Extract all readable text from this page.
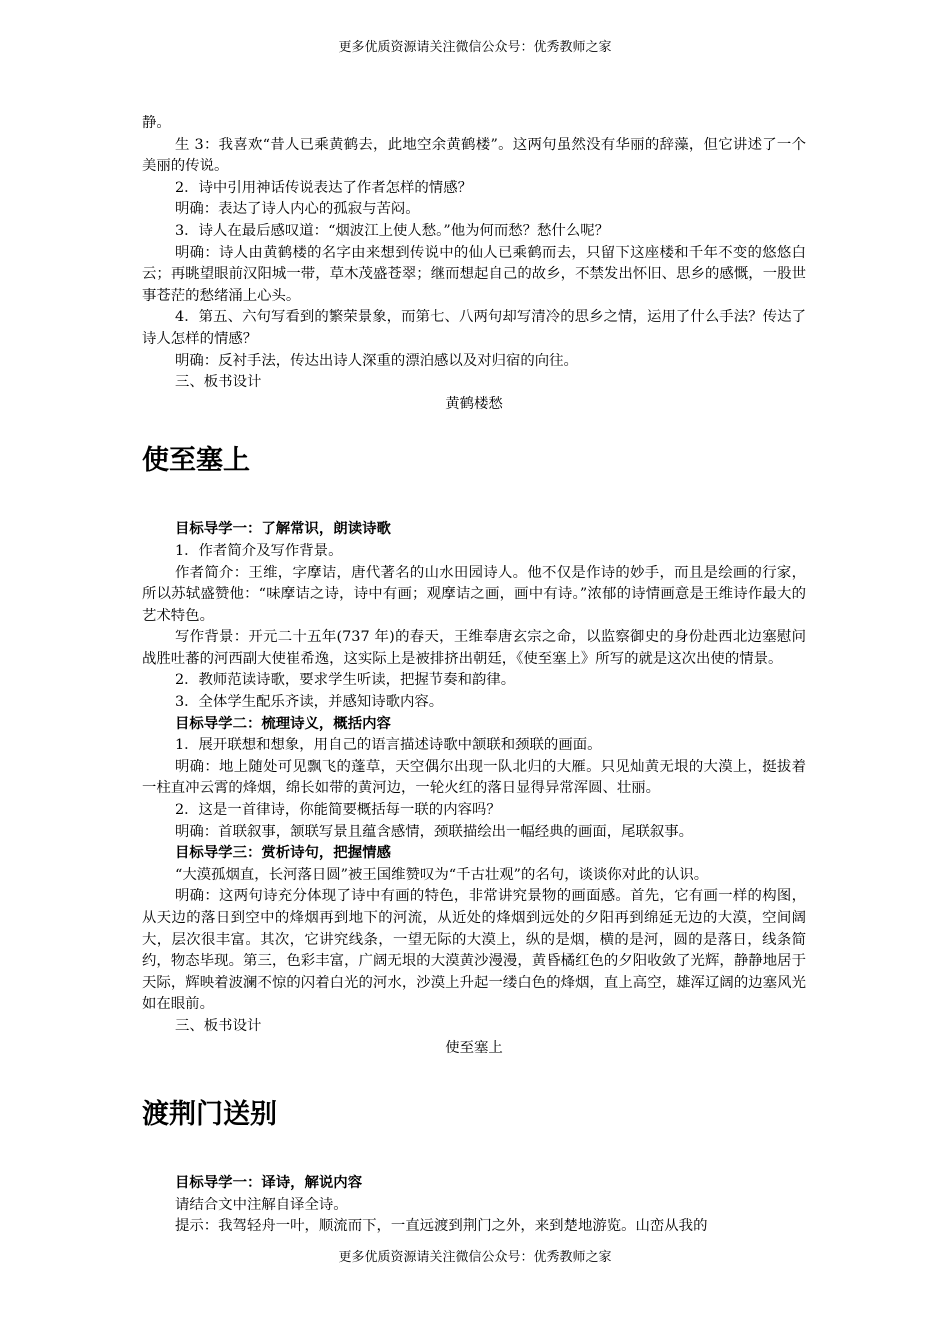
更多优质资源请关注微信公众号：优秀教师之家

静。

生 3：我喜欢“昔人已乘黄鹤去，此地空余黄鹤楼”。这两句虽然没有华丽的辞藻，但它讲述了一个美丽的传说。

2．诗中引用神话传说表达了作者怎样的情感？

明确：表达了诗人内心的孤寂与苦闷。

3．诗人在最后感叹道：“烟波江上使人愁。”他为何而愁？愁什么呢？

明确：诗人由黄鹤楼的名字由来想到传说中的仙人已乘鹤而去，只留下这座楼和千年不变的悠悠白云；再眺望眼前汉阳城一带，草木茂盛苍翠；继而想起自己的故乡，不禁发出怀旧、思乡的感慨，一股世事苍茫的愁绪涌上心头。

4．第五、六句写看到的繁荣景象，而第七、八两句却写清冷的思乡之情，运用了什么手法？传达了诗人怎样的情感？

明确：反衬手法，传达出诗人深重的漂泊感以及对归宿的向往。

三、板书设计

黄鹤楼愁

使至塞上

目标导学一：了解常识，朗读诗歌

1．作者简介及写作背景。

作者简介：王维，字摩诘，唐代著名的山水田园诗人。他不仅是作诗的妙手，而且是绘画的行家，所以苏轼盛赞他：“味摩诘之诗，诗中有画；观摩诘之画，画中有诗。”浓郁的诗情画意是王维诗作最大的艺术特色。

写作背景：开元二十五年(737 年)的春天，王维奉唐玄宗之命，以监察御史的身份赴西北边塞慰问战胜吐蕃的河西副大使崔希逸，这实际上是被排挤出朝廷，《使至塞上》所写的就是这次出使的情景。

2．教师范读诗歌，要求学生听读，把握节奏和韵律。

3．全体学生配乐齐读，并感知诗歌内容。

目标导学二：梳理诗义，概括内容

1．展开联想和想象，用自己的语言描述诗歌中颔联和颈联的画面。

明确：地上随处可见飘飞的蓬草，天空偶尔出现一队北归的大雁。只见灿黄无垠的大漠上，挺拔着一柱直冲云霄的烽烟，绵长如带的黄河边，一轮火红的落日显得异常浑圆、壮丽。

2．这是一首律诗，你能简要概括每一联的内容吗？

明确：首联叙事，颔联写景且蕴含感情，颈联描绘出一幅经典的画面，尾联叙事。

目标导学三：赏析诗句，把握情感

“大漠孤烟直，长河落日圆”被王国维赞叹为“千古壮观”的名句，谈谈你对此的认识。

明确：这两句诗充分体现了诗中有画的特色，非常讲究景物的画面感。首先，它有画一样的构图，从天边的落日到空中的烽烟再到地下的河流，从近处的烽烟到远处的夕阳再到绵延无边的大漠，空间阔大，层次很丰富。其次，它讲究线条，一望无际的大漠上，纵的是烟，横的是河，圆的是落日，线条简约，物态毕现。第三，色彩丰富，广阔无垠的大漠黄沙漫漫，黄昏橘红色的夕阳收敛了光辉，静静地居于天际，辉映着波澜不惊的闪着白光的河水，沙漠上升起一缕白色的烽烟，直上高空，雄浑辽阔的边塞风光如在眼前。

三、板书设计

使至塞上

渡荆门送别

目标导学一：译诗，解说内容

请结合文中注解自译全诗。

提示：我驾轻舟一叶，顺流而下，一直远渡到荆门之外，来到楚地游览。山峦从我的

更多优质资源请关注微信公众号：优秀教师之家
